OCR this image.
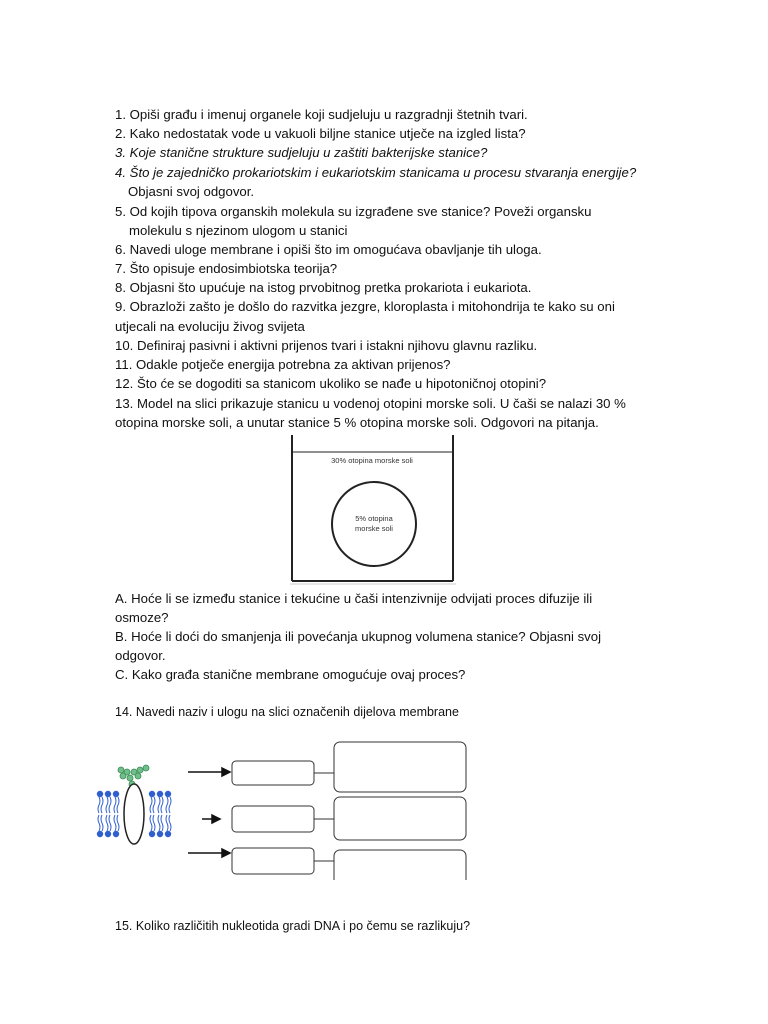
1. Opiši građu i imenuj organele koji sudjeluju u razgradnji štetnih tvari.
2. Kako nedostatak vode u vakuoli biljne stanice utječe na izgled lista?
3. Koje stanične strukture sudjeluju u zaštiti bakterijske stanice?
4. Što je zajedničko prokariotskim i eukariotskim stanicama u procesu stvaranja energije?
Objasni svoj odgovor.
5. Od kojih tipova organskih molekula su izgrađene sve stanice? Poveži organsku
molekulu s njezinom ulogom u stanici
6. Navedi uloge membrane i opiši što im omogućava obavljanje tih uloga.
7. Što opisuje endosimbiotska teorija?
8. Objasni što upućuje na istog prvobitnog pretka prokariota i eukariota.
9. Obrazloži zašto je došlo do razvitka jezgre, kloroplasta i mitohondrija te kako su oni
utjecali na evoluciju živog svijeta
10. Definiraj pasivni i aktivni prijenos tvari i istakni njihovu glavnu razliku.
11. Odakle potječe energija potrebna za aktivan prijenos?
12. Što će se dogoditi sa stanicom ukoliko se nađe u hipotoničnoj otopini?
13. Model na slici prikazuje stanicu u vodenoj otopini morske soli. U čaši se nalazi 30 %
otopina morske soli, a unutar stanice 5 % otopina morske soli. Odgovori na pitanja.
30% otopina morske soli
5% otopina
morske soli
A. Hoće li se između stanice i tekućine u čaši intenzivnije odvijati proces difuzije ili
osmoze?
B. Hoće li doći do smanjenja ili povećanja ukupnog volumena stanice? Objasni svoj
odgovor.
C. Kako građa stanične membrane omogućuje ovaj proces?
14. Navedi naziv i ulogu na slici označenih dijelova membrane
15. Koliko različitih nukleotida gradi DNA i po čemu se razlikuju?
